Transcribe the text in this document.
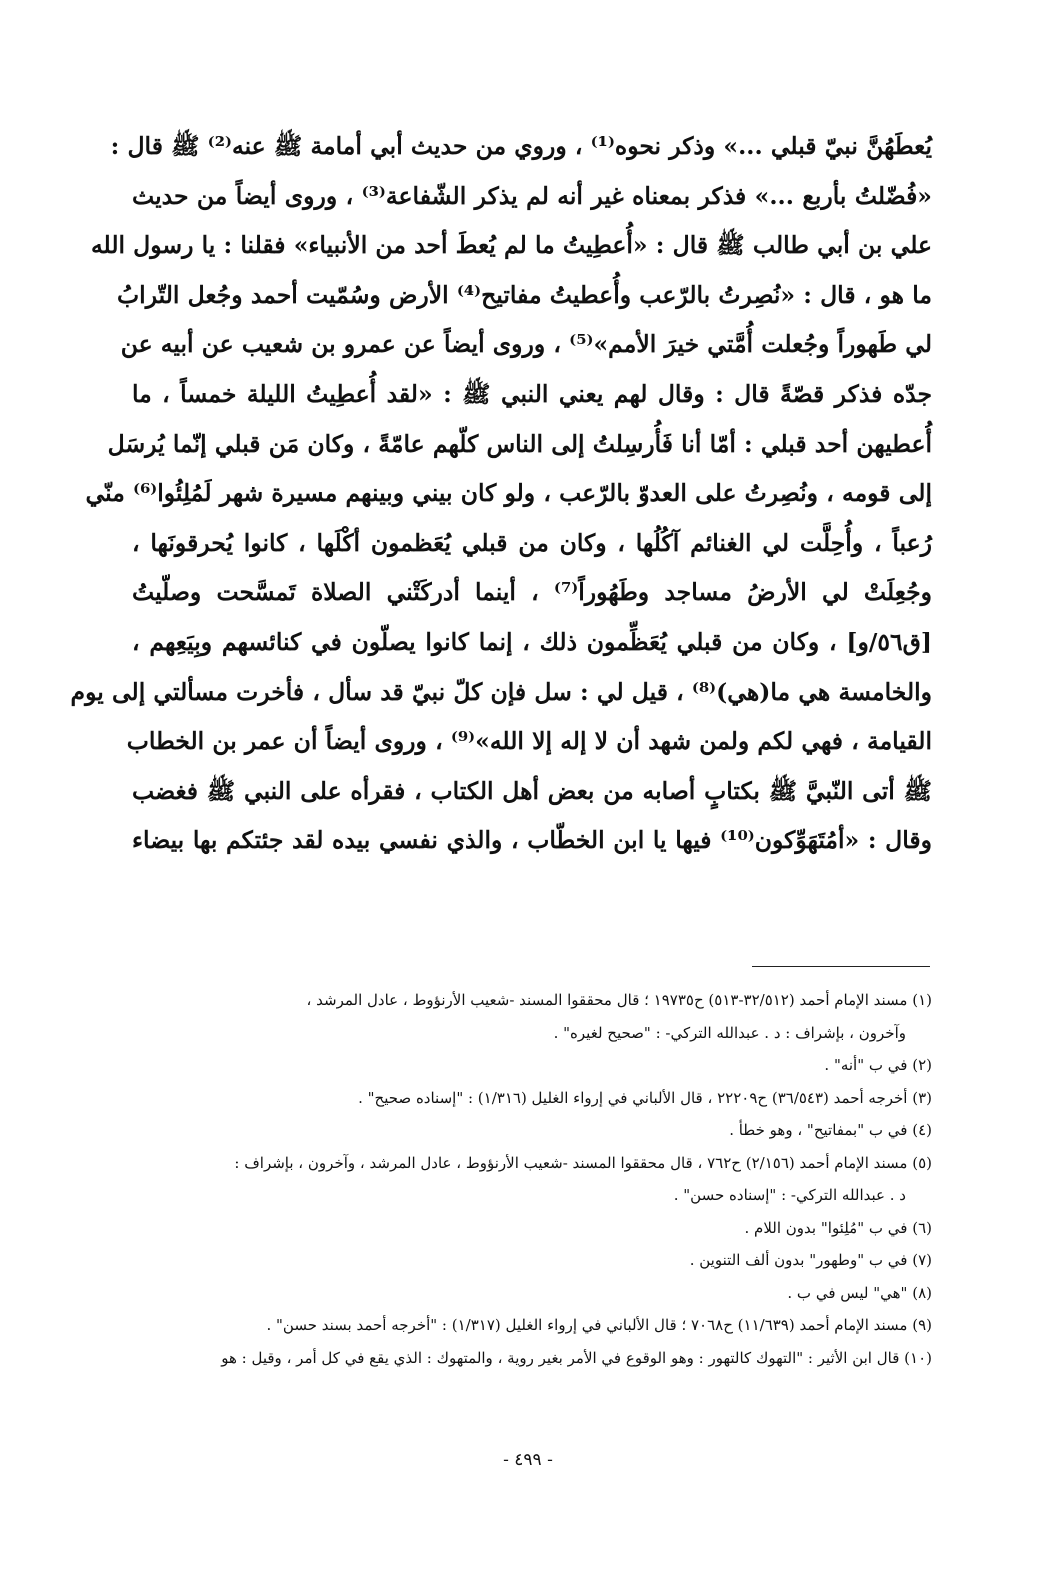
يُعطَهُنَّ نبيّ قبلي ...» وذكر نحوه⁽¹⁾ ، وروي من حديث أبي أمامة ﷺ عنه⁽²⁾ ﷺ قال :
«فُضّلتُ بأربع ...» فذكر بمعناه غير أنه لم يذكر الشّفاعة⁽³⁾ ، وروى أيضاً من حديث
علي بن أبي طالب ﷺ قال : «أُعطِيتُ ما لم يُعطَ أحد من الأنبياء» فقلنا : يا رسول الله
ما هو ، قال : «نُصِرتُ بالرّعب وأُعطيتُ مفاتيح⁽⁴⁾ الأرض وسُمّيت أحمد وجُعل التّرابُ
لي طَهوراً وجُعلت أُمَّتي خيرَ الأمم»⁽⁵⁾ ، وروى أيضاً عن عمرو بن شعيب عن أبيه عن
جدّه فذكر قصّةً قال : وقال لهم يعني النبي ﷺ : «لقد أُعطِيتُ الليلة خمساً ، ما
أُعطيهن أحد قبلي : أمّا أنا فَأُرسِلتُ إلى الناس كلّهم عامّةً ، وكان مَن قبلي إنّما يُرسَل
إلى قومه ، ونُصِرتُ على العدوّ بالرّعب ، ولو كان بيني وبينهم مسيرة شهر لَمُلِئُوا⁽⁶⁾ منّي
رُعباً ، وأُحِلَّت لي الغنائم آكُلُها ، وكان من قبلي يُعَظمون أكْلَها ، كانوا يُحرقونَها ،
وجُعِلَتْ لي الأرضُ مساجد وطَهُوراً⁽⁷⁾ ، أينما أدركَتْني الصلاة تَمسَّحت وصلّيتُ
[ق٥٦/و] ، وكان من قبلي يُعَظِّمون ذلك ، إنما كانوا يصلّون في كنائسهم وبِيَعِهم ،
والخامسة هي ما(هي)⁽⁸⁾ ، قيل لي : سل فإن كلّ نبيّ قد سأل ، فأخرت مسألتي إلى يوم
القيامة ، فهي لكم ولمن شهد أن لا إله إلا الله»⁽⁹⁾ ، وروى أيضاً أن عمر بن الخطاب
ﷺ أتى النّبيَّ ﷺ بكتابٍ أصابه من بعض أهل الكتاب ، فقرأه على النبي ﷺ فغضب
وقال : «أمُتَهَوِّكون⁽¹⁰⁾ فيها يا ابن الخطّاب ، والذي نفسي بيده لقد جئتكم بها بيضاء
(١) مسند الإمام أحمد (٣٢/٥١٢-٥١٣) ح١٩٧٣٥ ؛ قال محققوا المسند -شعيب الأرنؤوط ، عادل المرشد ،
وآخرون ، بإشراف : د . عبدالله التركي- : "صحيح لغيره" .
(٢) في ب "أنه" .
(٣) أخرجه أحمد (٣٦/٥٤٣) ح٢٢٢٠٩ ، قال الألباني في إرواء الغليل (١/٣١٦) : "إسناده صحيح" .
(٤) في ب "بمفاتيح" ، وهو خطأ .
(٥) مسند الإمام أحمد (٢/١٥٦) ح٧٦٢ ، قال محققوا المسند -شعيب الأرنؤوط ، عادل المرشد ، وآخرون ، بإشراف :
د . عبدالله التركي- : "إسناده حسن" .
(٦) في ب "مُلِئوا" بدون اللام .
(٧) في ب "وطهور" بدون ألف التنوين .
(٨) "هي" ليس في ب .
(٩) مسند الإمام أحمد (١١/٦٣٩) ح٧٠٦٨ ؛ قال الألباني في إرواء الغليل (١/٣١٧) : "أخرجه أحمد بسند حسن" .
(١٠) قال ابن الأثير : "التهوك كالتهور : وهو الوقوع في الأمر بغير روية ، والمتهوك : الذي يقع في كل أمر ، وقيل : هو
- ٤٩٩ -
